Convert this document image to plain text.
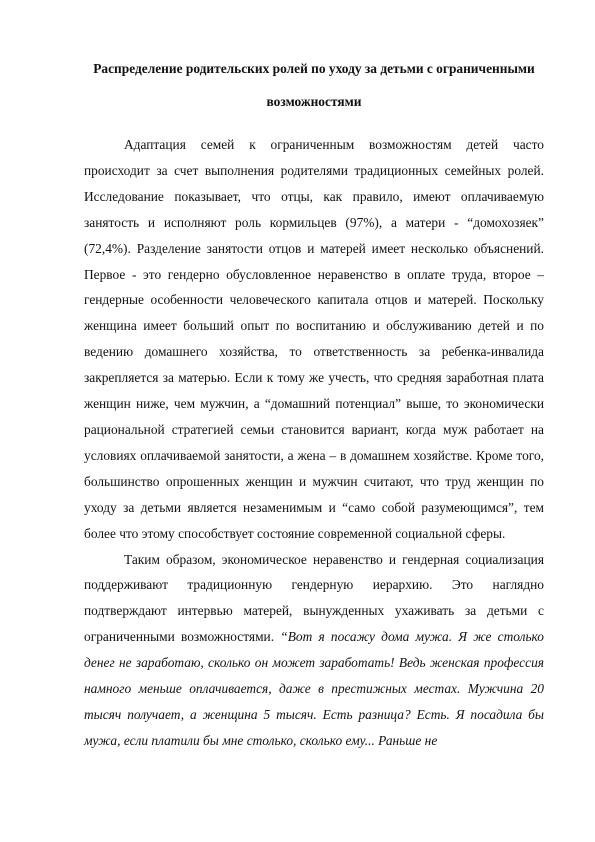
Распределение родительских ролей по уходу за детьми с ограниченными возможностями

Адаптация семей к ограниченным возможностям детей часто происходит за счет выполнения родителями традиционных семейных ролей. Исследование показывает, что отцы, как правило, имеют оплачиваемую занятость и исполняют роль кормильцев (97%), а матери - “домохозяек” (72,4%). Разделение занятости отцов и матерей имеет несколько объяснений. Первое - это гендерно обусловленное неравенство в оплате труда, второе – гендерные особенности человеческого капитала отцов и матерей. Поскольку женщина имеет больший опыт по воспитанию и обслуживанию детей и по ведению домашнего хозяйства, то ответственность за ребенка-инвалида закрепляется за матерью. Если к тому же учесть, что средняя заработная плата женщин ниже, чем мужчин, а “домашний потенциал” выше, то экономически рациональной стратегией семьи становится вариант, когда муж работает на условиях оплачиваемой занятости, а жена – в домашнем хозяйстве. Кроме того, большинство опрошенных женщин и мужчин считают, что труд женщин по уходу за детьми является незаменимым и “само собой разумеющимся”, тем более что этому способствует состояние современной социальной сферы.

Таким образом, экономическое неравенство и гендерная социализация поддерживают традиционную гендерную иерархию. Это наглядно подтверждают интервью матерей, вынужденных ухаживать за детьми с ограниченными возможностями. “Вот я посажу дома мужа. Я же столько денег не заработаю, сколько он может заработать! Ведь женская профессия намного меньше оплачивается, даже в престижных местах. Мужчина 20 тысяч получает, а женщина 5 тысяч. Есть разница? Есть. Я посадила бы мужа, если платили бы мне столько, сколько ему... Раньше не
